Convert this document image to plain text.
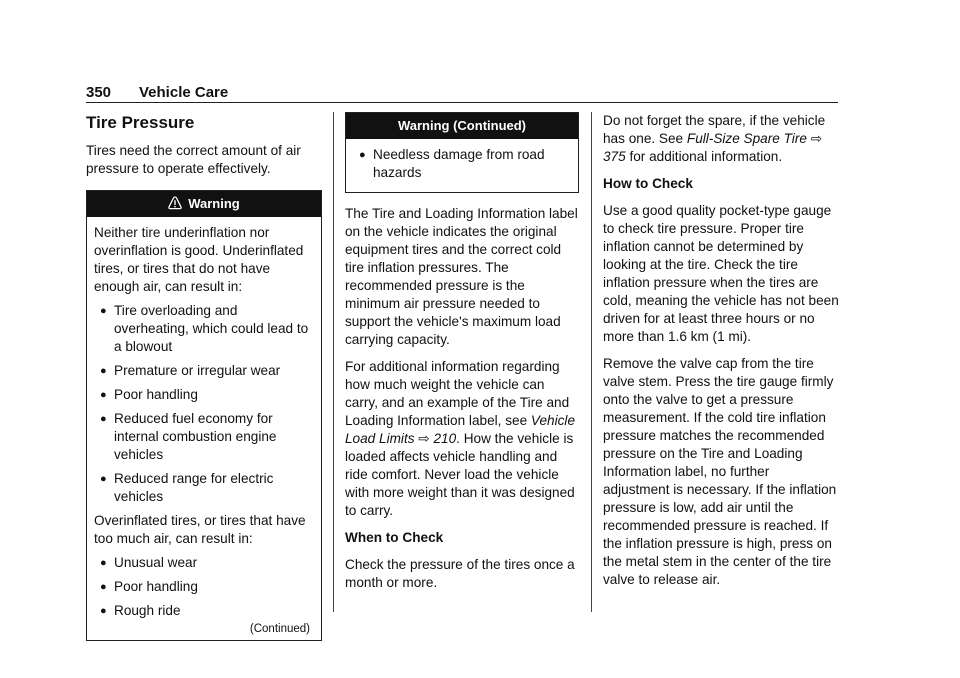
350 Vehicle Care
Tire Pressure

Tires need the correct amount of air pressure to operate effectively.

Warning

Neither tire underinflation nor overinflation is good. Underinflated tires, or tires that do not have enough air, can result in:

● Tire overloading and overheating, which could lead to a blowout
● Premature or irregular wear
● Poor handling
● Reduced fuel economy for internal combustion engine vehicles
● Reduced range for electric vehicles

Overinflated tires, or tires that have too much air, can result in:

● Unusual wear
● Poor handling
● Rough ride
(Continued)
Warning (Continued)
● Needless damage from road hazards

The Tire and Loading Information label on the vehicle indicates the original equipment tires and the correct cold tire inflation pressures. The recommended pressure is the minimum air pressure needed to support the vehicle's maximum load carrying capacity.

For additional information regarding how much weight the vehicle can carry, and an example of the Tire and Loading Information label, see Vehicle Load Limits ⇨ 210. How the vehicle is loaded affects vehicle handling and ride comfort. Never load the vehicle with more weight than it was designed to carry.

When to Check

Check the pressure of the tires once a month or more.

Do not forget the spare, if the vehicle has one. See Full-Size Spare Tire ⇨ 375 for additional information.

How to Check

Use a good quality pocket-type gauge to check tire pressure. Proper tire inflation cannot be determined by looking at the tire. Check the tire inflation pressure when the tires are cold, meaning the vehicle has not been driven for at least three hours or no more than 1.6 km (1 mi).

Remove the valve cap from the tire valve stem. Press the tire gauge firmly onto the valve to get a pressure measurement. If the cold tire inflation pressure matches the recommended pressure on the Tire and Loading Information label, no further adjustment is necessary. If the inflation pressure is low, add air until the recommended pressure is reached. If the inflation pressure is high, press on the metal stem in the center of the tire valve to release air.
